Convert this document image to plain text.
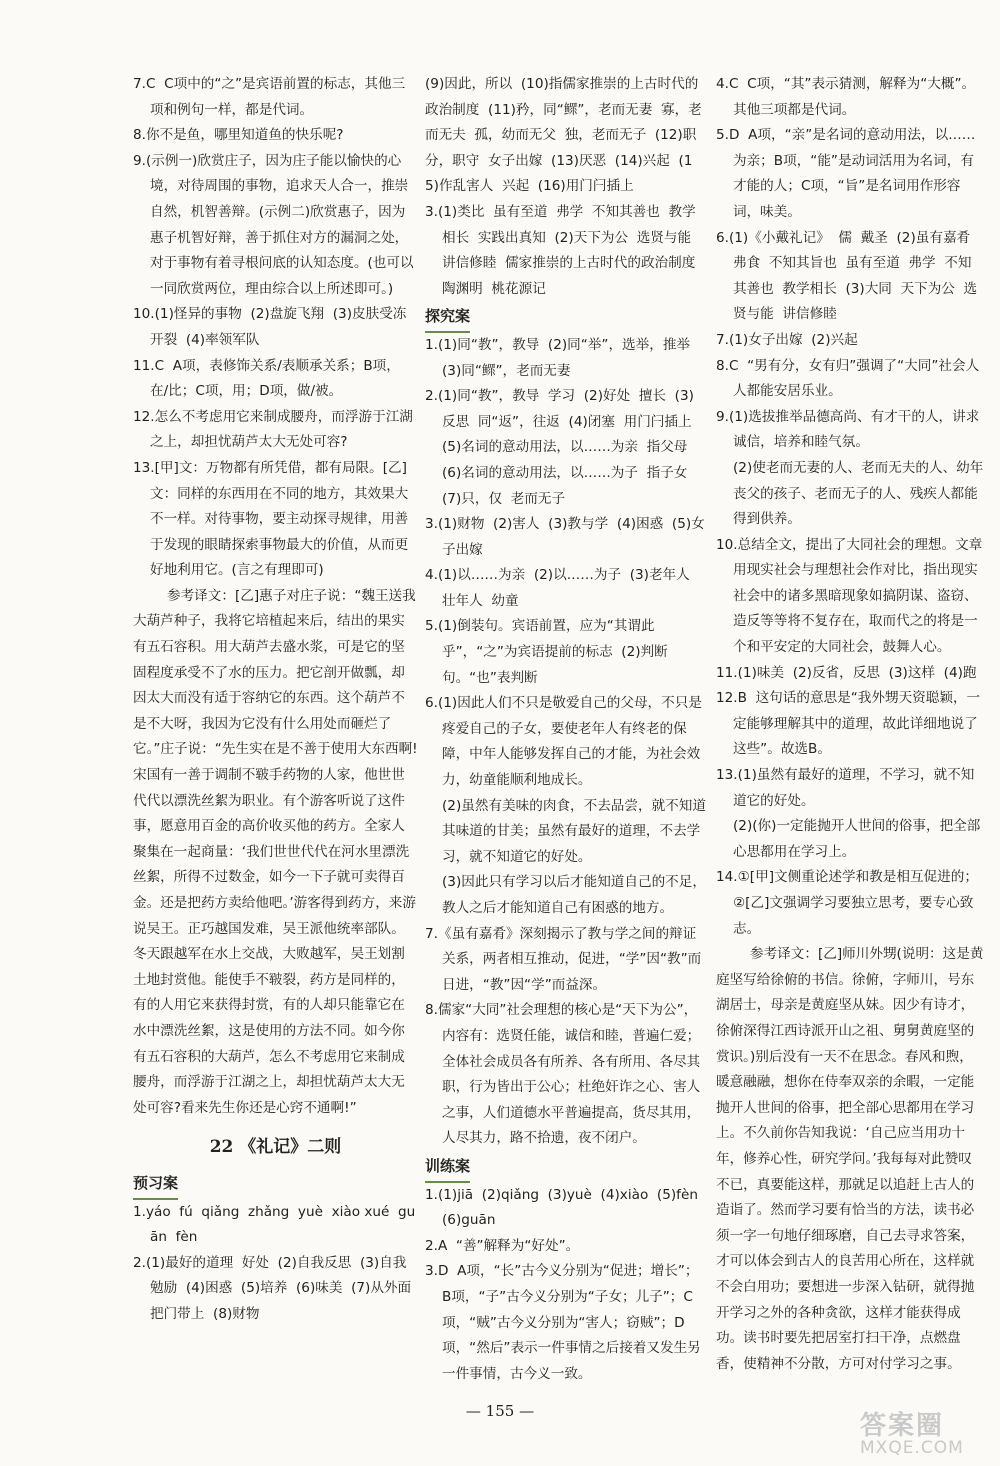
7.C  C项中的“之”是宾语前置的标志，其他三项和例句一样，都是代词。

8.你不是鱼，哪里知道鱼的快乐呢?

9.(示例一)欣赏庄子，因为庄子能以愉快的心境，对待周围的事物，追求天人合一，推崇自然，机智善辩。(示例二)欣赏惠子，因为惠子机智好辩，善于抓住对方的漏洞之处，对于事物有着寻根问底的认知态度。(也可以一同欣赏两位，理由综合以上所述即可。)

10.(1)怪异的事物  (2)盘旋飞翔  (3)皮肤受冻开裂  (4)率领军队

11.C  A项，表修饰关系/表顺承关系；B项，在/比；C项，用；D项，做/被。

12.怎么不考虑用它来制成腰舟，而浮游于江湖之上，却担忧葫芦太大无处可容?

13.[甲]文：万物都有所凭借，都有局限。[乙]文：同样的东西用在不同的地方，其效果大不一样。对待事物，要主动探寻规律，用善于发现的眼睛探索事物最大的价值，从而更好地利用它。(言之有理即可)

参考译文：[乙]惠子对庄子说：“魏王送我大葫芦种子，我将它培植起来后，结出的果实有五石容积。用大葫芦去盛水浆，可是它的坚固程度承受不了水的压力。把它剖开做瓢，却因太大而没有适于容纳它的东西。这个葫芦不是不大呀，我因为它没有什么用处而砸烂了它。”庄子说：“先生实在是不善于使用大东西啊!宋国有一善于调制不皲手药物的人家，他世世代代以漂洗丝絮为职业。有个游客听说了这件事，愿意用百金的高价收买他的药方。全家人聚集在一起商量：‘我们世世代代在河水里漂洗丝絮，所得不过数金，如今一下子就可卖得百金。还是把药方卖给他吧。’游客得到药方，来游说吴王。正巧越国发难，吴王派他统率部队。冬天跟越军在水上交战，大败越军，吴王划割土地封赏他。能使手不皲裂，药方是同样的，有的人用它来获得封赏，有的人却只能靠它在水中漂洗丝絮，这是使用的方法不同。如今你有五石容积的大葫芦，怎么不考虑用它来制成腰舟，而浮游于江湖之上，却担忧葫芦太大无处可容?看来先生你还是心窍不通啊!”

22 《礼记》二则
预习案

1.yáo  fú  qiǎng  zhǎng  yuè  xiào xué  guān  fèn

2.(1)最好的道理  好处  (2)自我反思  (3)自我勉励  (4)困惑  (5)培养  (6)味美  (7)从外面把门带上  (8)财物

(9)因此，所以  (10)指儒家推崇的上古时代的政治制度  (11)矜，同“鳏”，老而无妻  寡，老而无夫  孤，幼而无父  独，老而无子  (12)职分，职守  女子出嫁  (13)厌恶  (14)兴起  (15)作乱害人  兴起  (16)用门闩插上

3.(1)类比  虽有至道  弗学  不知其善也  教学相长  实践出真知  (2)天下为公  选贤与能  讲信修睦  儒家推崇的上古时代的政治制度  陶渊明  桃花源记

探究案

1.(1)同“教”，教导  (2)同“举”，选举，推举  (3)同“鳏”，老而无妻

2.(1)同“教”，教导  学习  (2)好处  擅长  (3)反思  同“返”，往返  (4)闭塞  用门闩插上  (5)名词的意动用法，以……为亲  指父母  (6)名词的意动用法，以……为子  指子女  (7)只，仅  老而无子

3.(1)财物  (2)害人  (3)教与学  (4)困惑  (5)女子出嫁

4.(1)以……为亲  (2)以……为子  (3)老年人  壮年人  幼童

5.(1)倒装句。宾语前置，应为“其谓此乎”，“之”为宾语提前的标志  (2)判断句。“也”表判断

6.(1)因此人们不只是敬爱自己的父母，不只是疼爱自己的子女，要使老年人有终老的保障，中年人能够发挥自己的才能，为社会效力，幼童能顺利地成长。

(2)虽然有美味的肉食，不去品尝，就不知道其味道的甘美；虽然有最好的道理，不去学习，就不知道它的好处。

(3)因此只有学习以后才能知道自己的不足，教人之后才能知道自己有困惑的地方。

7.《虽有嘉肴》深刻揭示了教与学之间的辩证关系，两者相互推动，促进，“学”因“教”而日进，“教”因“学”而益深。

8.儒家“大同”社会理想的核心是“天下为公”，内容有：选贤任能，诚信和睦，普遍仁爱；全体社会成员各有所养、各有所用、各尽其职，行为皆出于公心；杜绝奸诈之心、害人之事，人们道德水平普遍提高，货尽其用，人尽其力，路不拾遗，夜不闭户。

训练案

1.(1)jiā  (2)qiǎng  (3)yuè  (4)xiào  (5)fèn  (6)guān

2.A  “善”解释为“好处”。

3.D  A项，“长”古今义分别为“促进；增长”；B项，“子”古今义分别为“子女；儿子”；C项，“贼”古今义分别为“害人；窃贼”；D项，“然后”表示一件事情之后接着又发生另一件事情，古今义一致。

4.C  C项，“其”表示猜测，解释为“大概”。其他三项都是代词。

5.D  A项，“亲”是名词的意动用法，以……为亲；B项，“能”是动词活用为名词，有才能的人；C项，“旨”是名词用作形容词，味美。

6.(1)《小戴礼记》  儒  戴圣  (2)虽有嘉肴  弗食  不知其旨也  虽有至道  弗学  不知其善也  教学相长  (3)大同  天下为公  选贤与能  讲信修睦

7.(1)女子出嫁  (2)兴起

8.C  “男有分，女有归”强调了“大同”社会人人都能安居乐业。

9.(1)选拔推举品德高尚、有才干的人，讲求诚信，培养和睦气氛。

(2)使老而无妻的人、老而无夫的人、幼年丧父的孩子、老而无子的人、残疾人都能得到供养。

10.总结全文，提出了大同社会的理想。文章用现实社会与理想社会作对比，指出现实社会中的诸多黑暗现象如搞阴谋、盗窃、造反等等将不复存在，取而代之的将是一个和平安定的大同社会，鼓舞人心。

11.(1)味美  (2)反省，反思  (3)这样  (4)跑

12.B  这句话的意思是“我外甥天资聪颖，一定能够理解其中的道理，故此详细地说了这些”。故选B。

13.(1)虽然有最好的道理，不学习，就不知道它的好处。

(2)(你)一定能抛开人世间的俗事，把全部心思都用在学习上。

14.①[甲]文侧重论述学和教是相互促进的；②[乙]文强调学习要独立思考，要专心致志。

参考译文：[乙]师川外甥(说明：这是黄庭坚写给徐俯的书信。徐俯，字师川，号东湖居士，母亲是黄庭坚从妹。因少有诗才，徐俯深得江西诗派开山之祖、舅舅黄庭坚的赏识。)别后没有一天不在思念。春风和煦，暖意融融，想你在侍奉双亲的余暇，一定能抛开人世间的俗事，把全部心思都用在学习上。不久前你告知我说：‘自己应当用功十年，修养心性，研究学问。’我每每对此赞叹不已，真要能这样，那就足以追赶上古人的造诣了。然而学习要有恰当的方法，读书必须一字一句地仔细琢磨，自己去寻求答案，才可以体会到古人的良苦用心所在，这样就不会白用功；要想进一步深入钻研，就得抛开学习之外的各种贪欲，这样才能获得成功。读书时要先把居室打扫干净，点燃盘香，使精神不分散，方可对付学习之事。

— 155 —	答案圈
MXQE.COM
